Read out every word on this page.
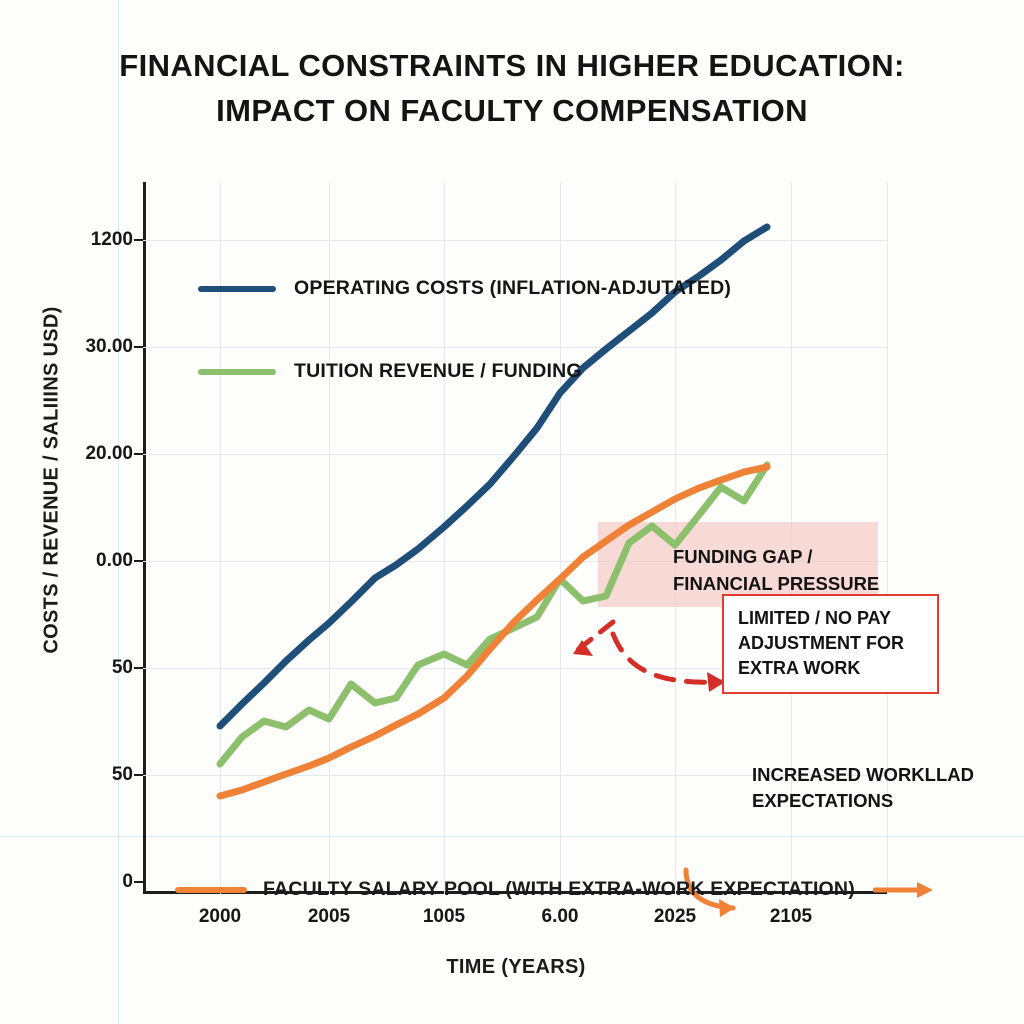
FINANCIAL CONSTRAINTS IN HIGHER EDUCATION:
IMPACT ON FACULTY COMPENSATION
COSTS / REVENUE / SALIIINS USD)
TIME (YEARS)
0
50
50
0.00
20.00
30.00
1200
2000	2005	1005	6.00	2025	2105
OPERATING COSTS (INFLATION-ADJUTATED)
TUITION REVENUE / FUNDING
FUNDING GAP /
FINANCIAL PRESSURE
LIMITED / NO PAY
ADJUSTMENT FOR
EXTRA WORK
INCREASED WORKLLAD
EXPECTATIONS
FACULTY SALARY POOL (WITH EXTRA-WORK EXPECTATION)
